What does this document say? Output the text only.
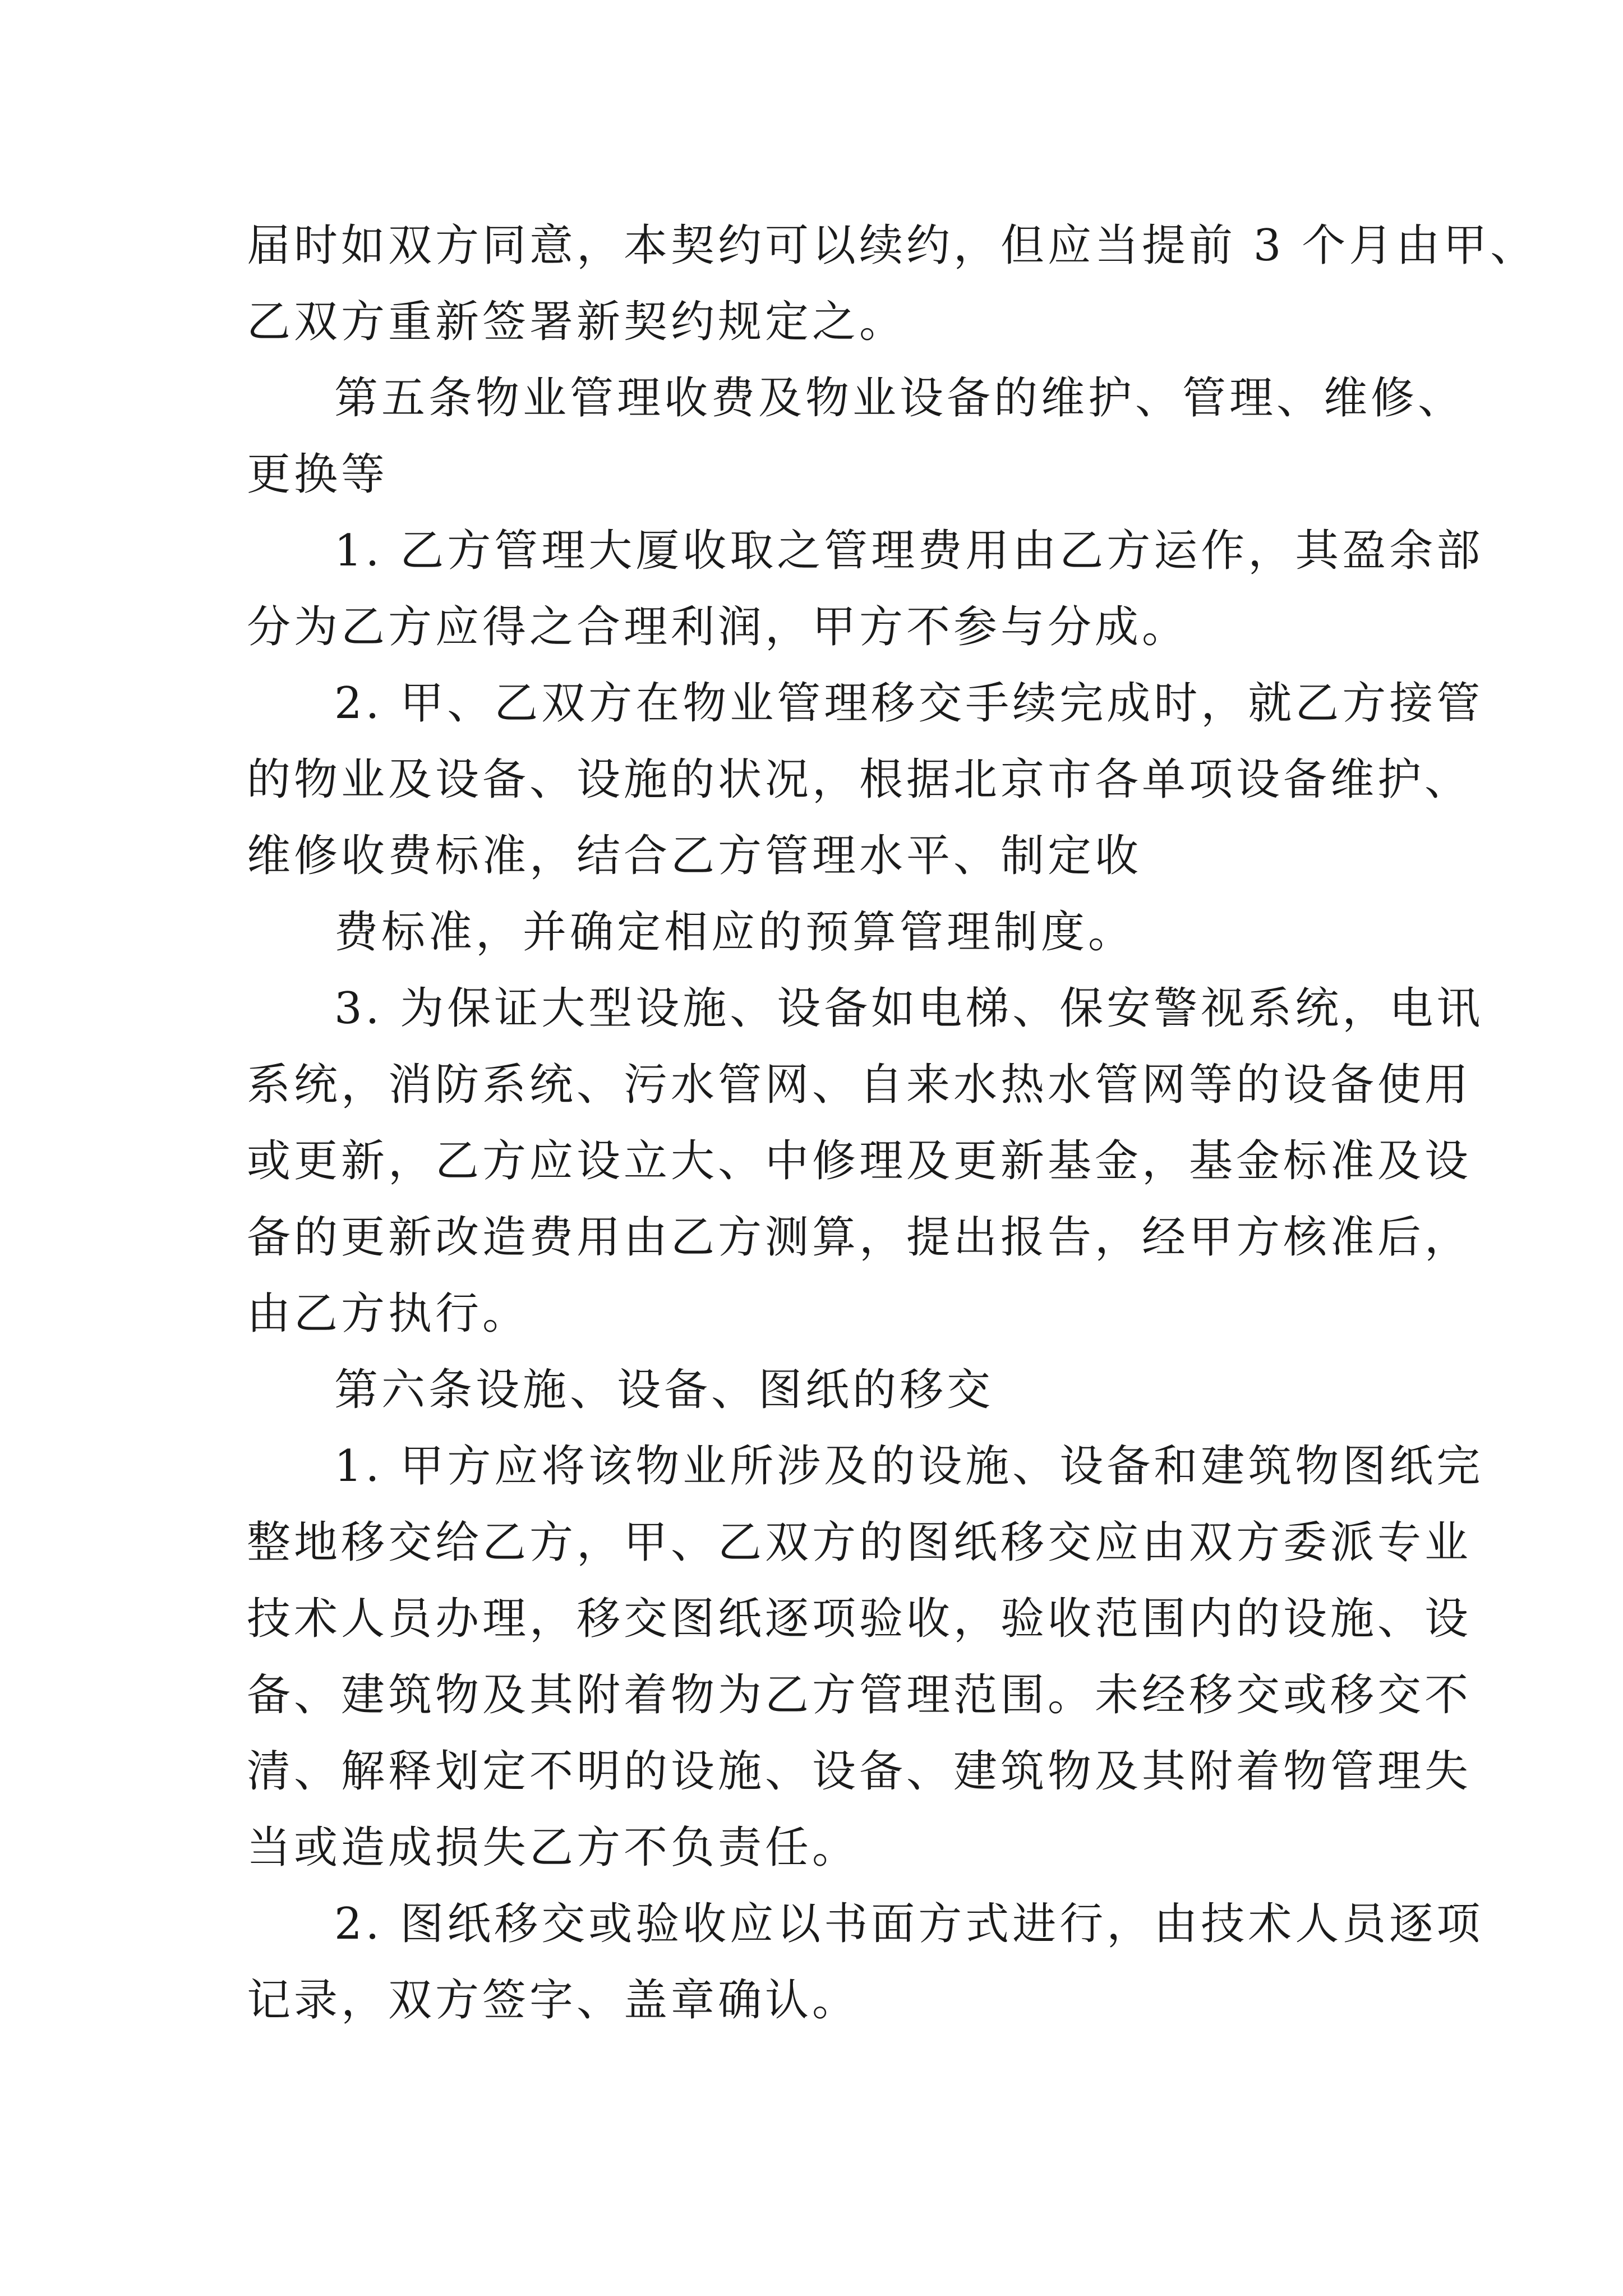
届时如双方同意，本契约可以续约，但应当提前 3 个月由甲、
乙双方重新签署新契约规定之。
第五条物业管理收费及物业设备的维护、管理、维修、
更换等
1. 乙方管理大厦收取之管理费用由乙方运作，其盈余部
分为乙方应得之合理利润，甲方不参与分成。
2. 甲、乙双方在物业管理移交手续完成时，就乙方接管
的物业及设备、设施的状况，根据北京市各单项设备维护、
维修收费标准，结合乙方管理水平、制定收
费标准，并确定相应的预算管理制度。
3. 为保证大型设施、设备如电梯、保安警视系统，电讯
系统，消防系统、污水管网、自来水热水管网等的设备使用
或更新，乙方应设立大、中修理及更新基金，基金标准及设
备的更新改造费用由乙方测算，提出报告，经甲方核准后，
由乙方执行。
第六条设施、设备、图纸的移交
1. 甲方应将该物业所涉及的设施、设备和建筑物图纸完
整地移交给乙方，甲、乙双方的图纸移交应由双方委派专业
技术人员办理，移交图纸逐项验收，验收范围内的设施、设
备、建筑物及其附着物为乙方管理范围。未经移交或移交不
清、解释划定不明的设施、设备、建筑物及其附着物管理失
当或造成损失乙方不负责任。
2. 图纸移交或验收应以书面方式进行，由技术人员逐项
记录，双方签字、盖章确认。
